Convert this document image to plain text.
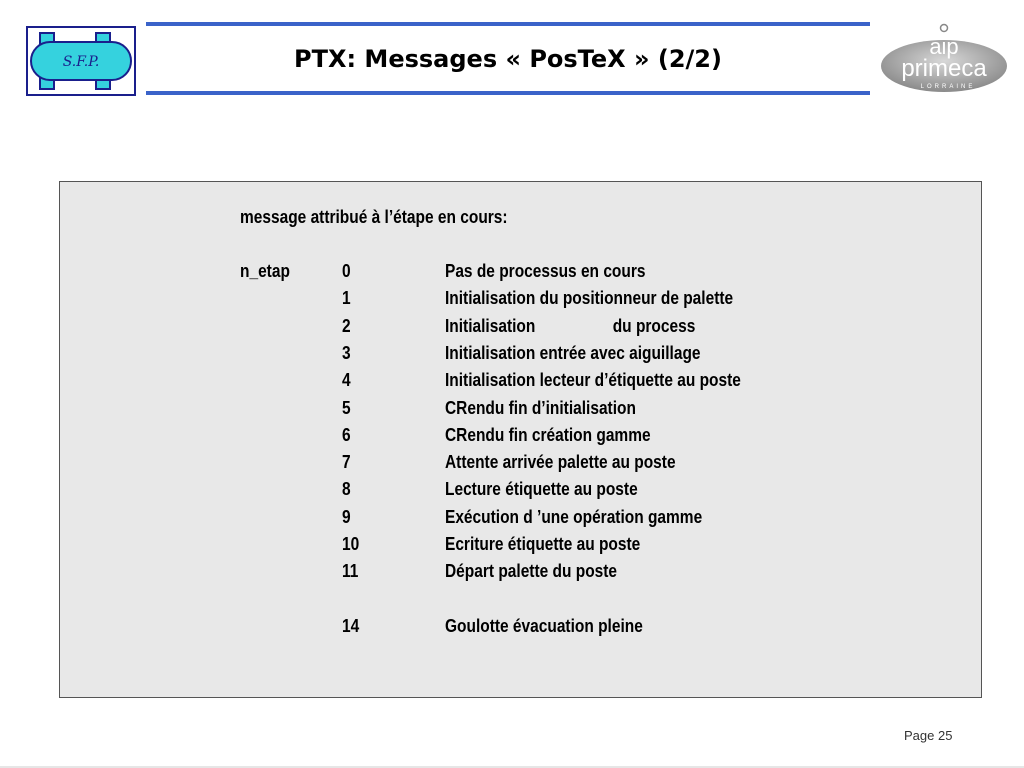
S.F.P.	PTX: Messages « PosTeX » (2/2)	aip
primeca
LORRAINE
message attribué à l’étape en cours:
n_etap	0	Pas de processus en cours
1	Initialisation du positionneur de palette
2	Initialisation                  du process
3	Initialisation entrée avec aiguillage
4	Initialisation lecteur d’étiquette au poste
5	CRendu fin d’initialisation
6	CRendu fin création gamme
7	Attente arrivée palette au poste
8	Lecture étiquette au poste
9	Exécution d ’une opération gamme
10	Ecriture étiquette au poste
11	Départ palette du poste
14	Goulotte évacuation pleine
Page 25
